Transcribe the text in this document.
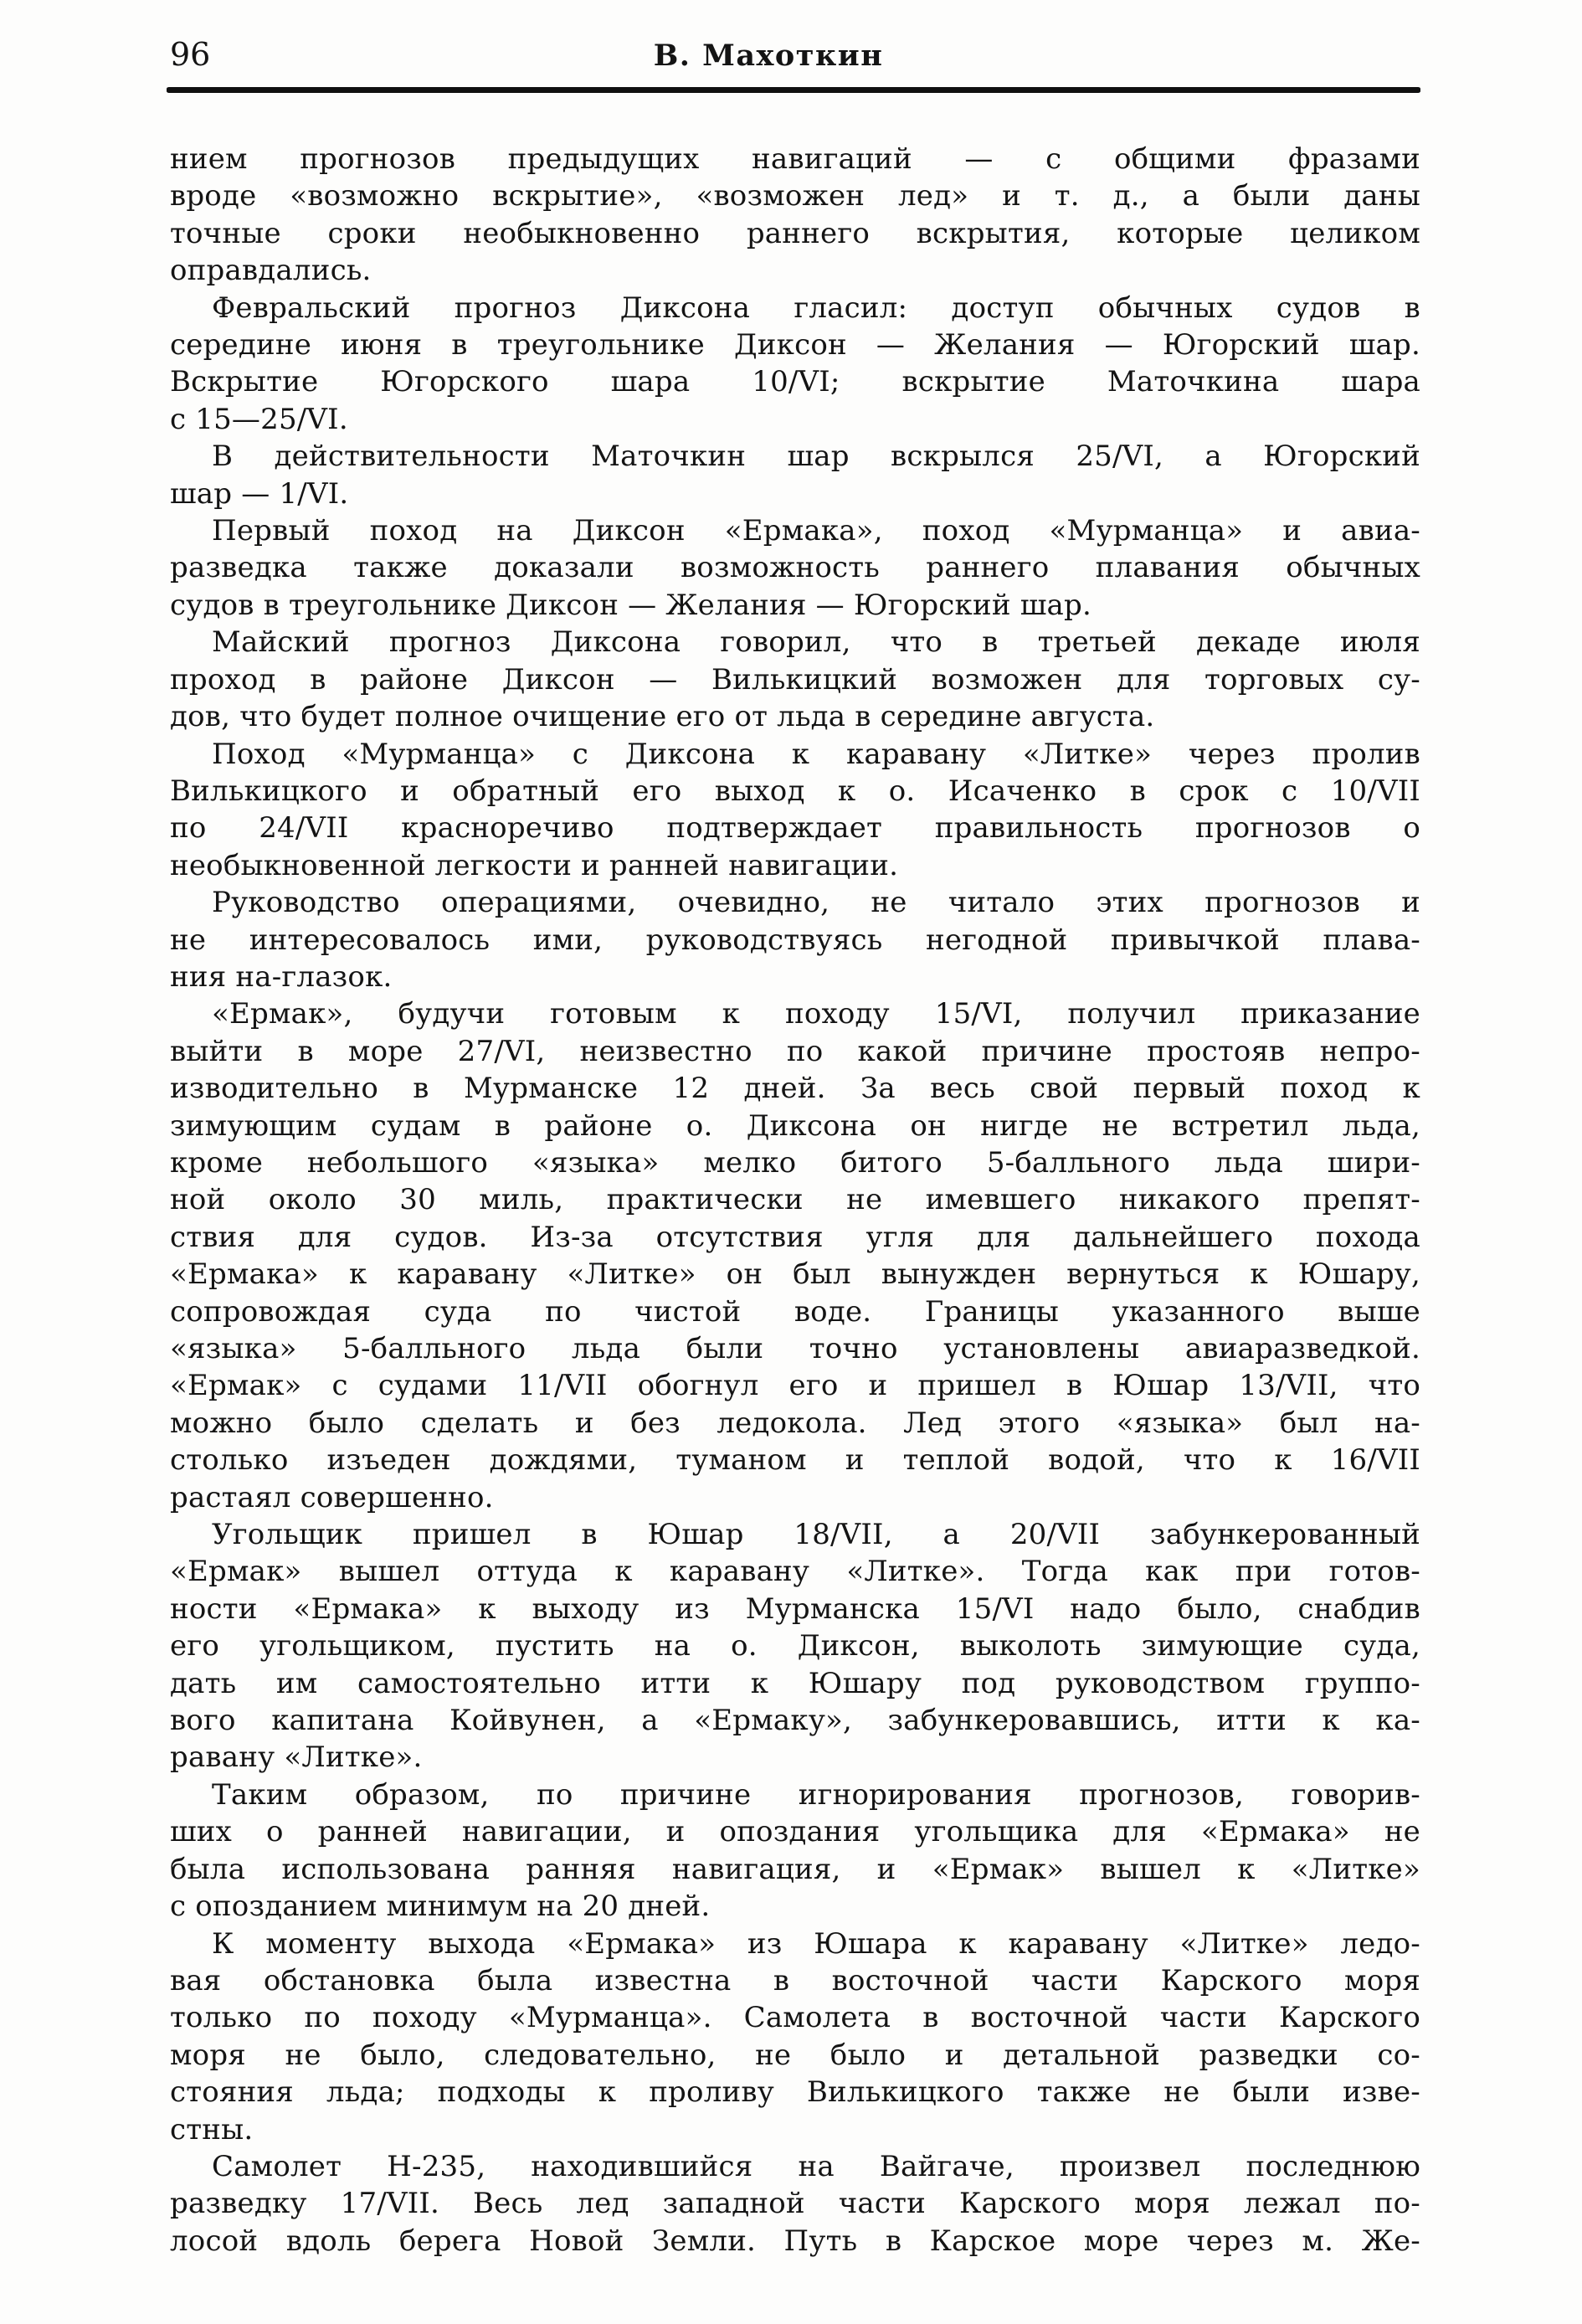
96	В. Махоткин
нием прогнозов предыдущих навигаций — с общими фразами
вроде «возможно вскрытие», «возможен лед» и т. д., а были даны
точные сроки необыкновенно раннего вскрытия, которые целиком
оправдались.
Февральский прогноз Диксона гласил: доступ обычных судов в
середине июня в треугольнике Диксон — Желания — Югорский шар.
Вскрытие Югорского шара 10/VI; вскрытие Маточкина шара
с 15—25/VI.
В действительности Маточкин шар вскрылся 25/VI, а Югорский
шар — 1/VI.
Первый поход на Диксон «Ермака», поход «Мурманца» и авиа-
разведка также доказали возможность раннего плавания обычных
судов в треугольнике Диксон — Желания — Югорский шар.
Майский прогноз Диксона говорил, что в третьей декаде июля
проход в районе Диксон — Вилькицкий возможен для торговых су-
дов, что будет полное очищение его от льда в середине августа.
Поход «Мурманца» с Диксона к каравану «Литке» через пролив
Вилькицкого и обратный его выход к о. Исаченко в срок с 10/VII
по 24/VII красноречиво подтверждает правильность прогнозов о
необыкновенной легкости и ранней навигации.
Руководство операциями, очевидно, не читало этих прогнозов и
не интересовалось ими, руководствуясь негодной привычкой плава-
ния на-глазок.
«Ермак», будучи готовым к походу 15/VI, получил приказание
выйти в море 27/VI, неизвестно по какой причине простояв непро-
изводительно в Мурманске 12 дней. За весь свой первый поход к
зимующим судам в районе о. Диксона он нигде не встретил льда,
кроме небольшого «языка» мелко битого 5-балльного льда шири-
ной около 30 миль, практически не имевшего никакого препят-
ствия для судов. Из-за отсутствия угля для дальнейшего похода
«Ермака» к каравану «Литке» он был вынужден вернуться к Юшару,
сопровождая суда по чистой воде. Границы указанного выше
«языка» 5-балльного льда были точно установлены авиаразведкой.
«Ермак» с судами 11/VII обогнул его и пришел в Юшар 13/VII, что
можно было сделать и без ледокола. Лед этого «языка» был на-
столько изъеден дождями, туманом и теплой водой, что к 16/VII
растаял совершенно.
Угольщик пришел в Юшар 18/VII, а 20/VII забункерованный
«Ермак» вышел оттуда к каравану «Литке». Тогда как при готов-
ности «Ермака» к выходу из Мурманска 15/VI надо было, снабдив
его угольщиком, пустить на о. Диксон, выколоть зимующие суда,
дать им самостоятельно итти к Юшару под руководством группо-
вого капитана Койвунен, а «Ермаку», забункеровавшись, итти к ка-
равану «Литке».
Таким образом, по причине игнорирования прогнозов, говорив-
ших о ранней навигации, и опоздания угольщика для «Ермака» не
была использована ранняя навигация, и «Ермак» вышел к «Литке»
с опозданием минимум на 20 дней.
К моменту выхода «Ермака» из Юшара к каравану «Литке» ледо-
вая обстановка была известна в восточной части Карского моря
только по походу «Мурманца». Самолета в восточной части Карского
моря не было, следовательно, не было и детальной разведки со-
стояния льда; подходы к проливу Вилькицкого также не были изве-
стны.
Самолет Н-235, находившийся на Вайгаче, произвел последнюю
разведку 17/VII. Весь лед западной части Карского моря лежал по-
лосой вдоль берега Новой Земли. Путь в Карское море через м. Же-
